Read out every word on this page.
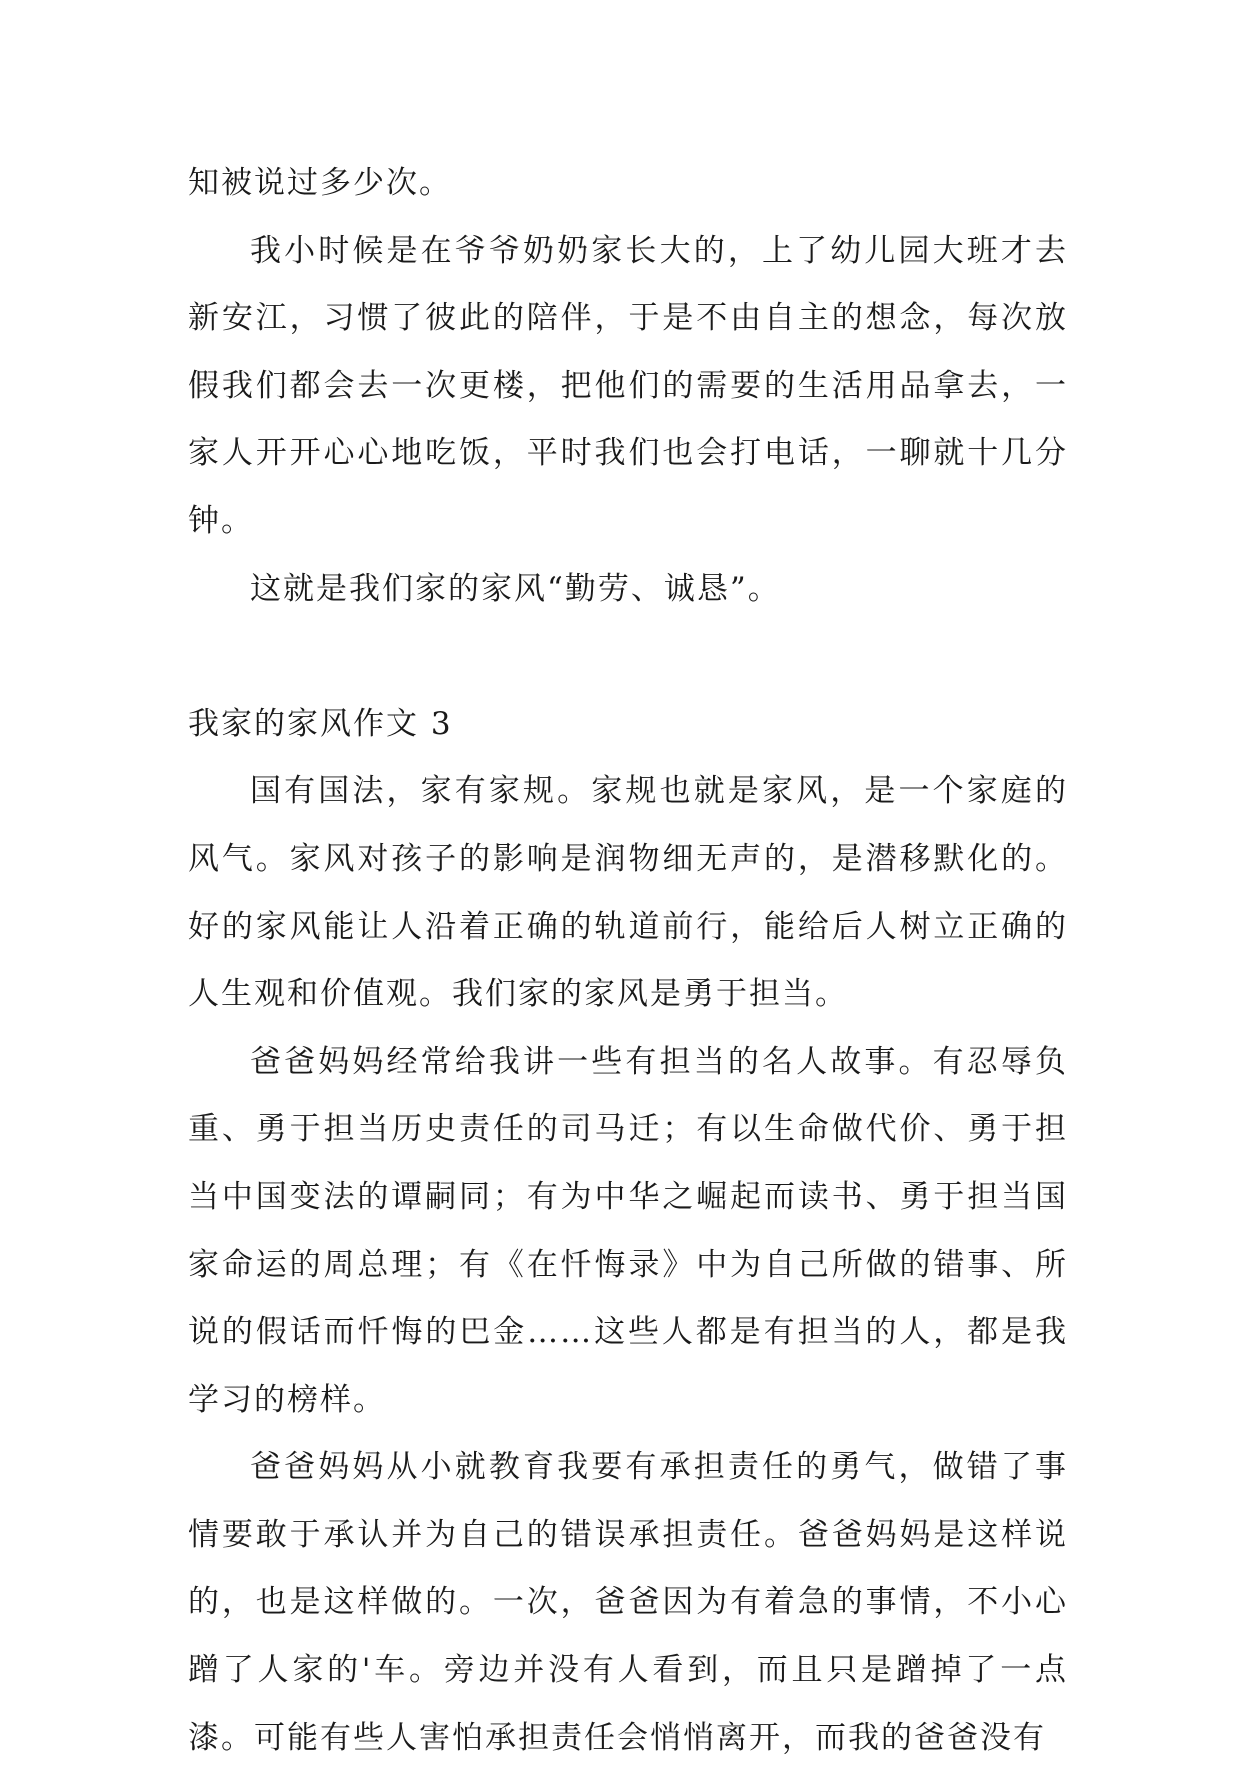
知被说过多少次。

我小时候是在爷爷奶奶家长大的，上了幼儿园大班才去新安江，习惯了彼此的陪伴，于是不由自主的想念，每次放假我们都会去一次更楼，把他们的需要的生活用品拿去，一家人开开心心地吃饭，平时我们也会打电话，一聊就十几分钟。

这就是我们家的家风“勤劳、诚恳”。

我家的家风作文 3

国有国法，家有家规。家规也就是家风，是一个家庭的风气。家风对孩子的影响是润物细无声的，是潜移默化的。好的家风能让人沿着正确的轨道前行，能给后人树立正确的人生观和价值观。我们家的家风是勇于担当。

爸爸妈妈经常给我讲一些有担当的名人故事。有忍辱负重、勇于担当历史责任的司马迁；有以生命做代价、勇于担当中国变法的谭嗣同；有为中华之崛起而读书、勇于担当国家命运的周总理；有《在忏悔录》中为自己所做的错事、所说的假话而忏悔的巴金……这些人都是有担当的人，都是我学习的榜样。

爸爸妈妈从小就教育我要有承担责任的勇气，做错了事情要敢于承认并为自己的错误承担责任。爸爸妈妈是这样说的，也是这样做的。一次，爸爸因为有着急的事情，不小心蹭了人家的'车。旁边并没有人看到，而且只是蹭掉了一点漆。可能有些人害怕承担责任会悄悄离开，而我的爸爸没有
